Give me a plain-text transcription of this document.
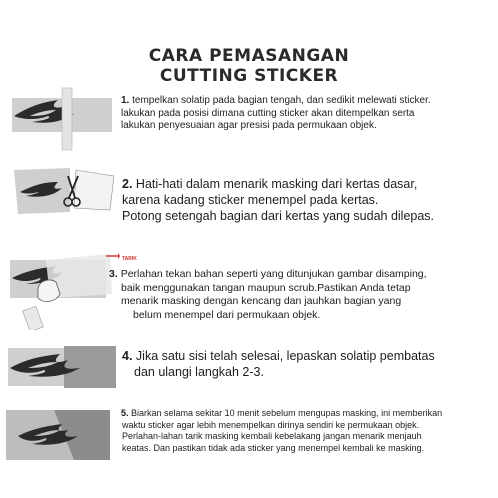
CARA PEMASANGAN
CUTTING STICKER

1. tempelkan solatip pada bagian tengah, dan sedikit melewati sticker.

lakukan pada posisi dimana cutting sticker akan ditempelkan serta

lakukan penyesuaian agar presisi pada permukaan objek.

2. Hati-hati dalam menarik masking dari kertas dasar,

karena kadang sticker menempel pada kertas.

Potong setengah bagian dari kertas yang sudah dilepas.

TARIK

3. Perlahan tekan bahan seperti yang ditunjukan gambar disamping,

baik menggunakan tangan maupun scrub.Pastikan Anda tetap

menarik masking dengan kencang dan jauhkan bagian yang

belum menempel dari permukaan objek.

4. Jika satu sisi telah selesai, lepaskan solatip pembatas

dan ulangi langkah 2-3.

5. Biarkan selama sekitar 10 menit sebelum mengupas masking, ini memberikan

waktu sticker agar lebih menempelkan dirinya sendiri ke permukaan objek.

Perlahan-lahan tarik masking kembali kebelakang jangan menarik menjauh

keatas. Dan pastikan tidak ada sticker yang menempel kembali ke masking.
